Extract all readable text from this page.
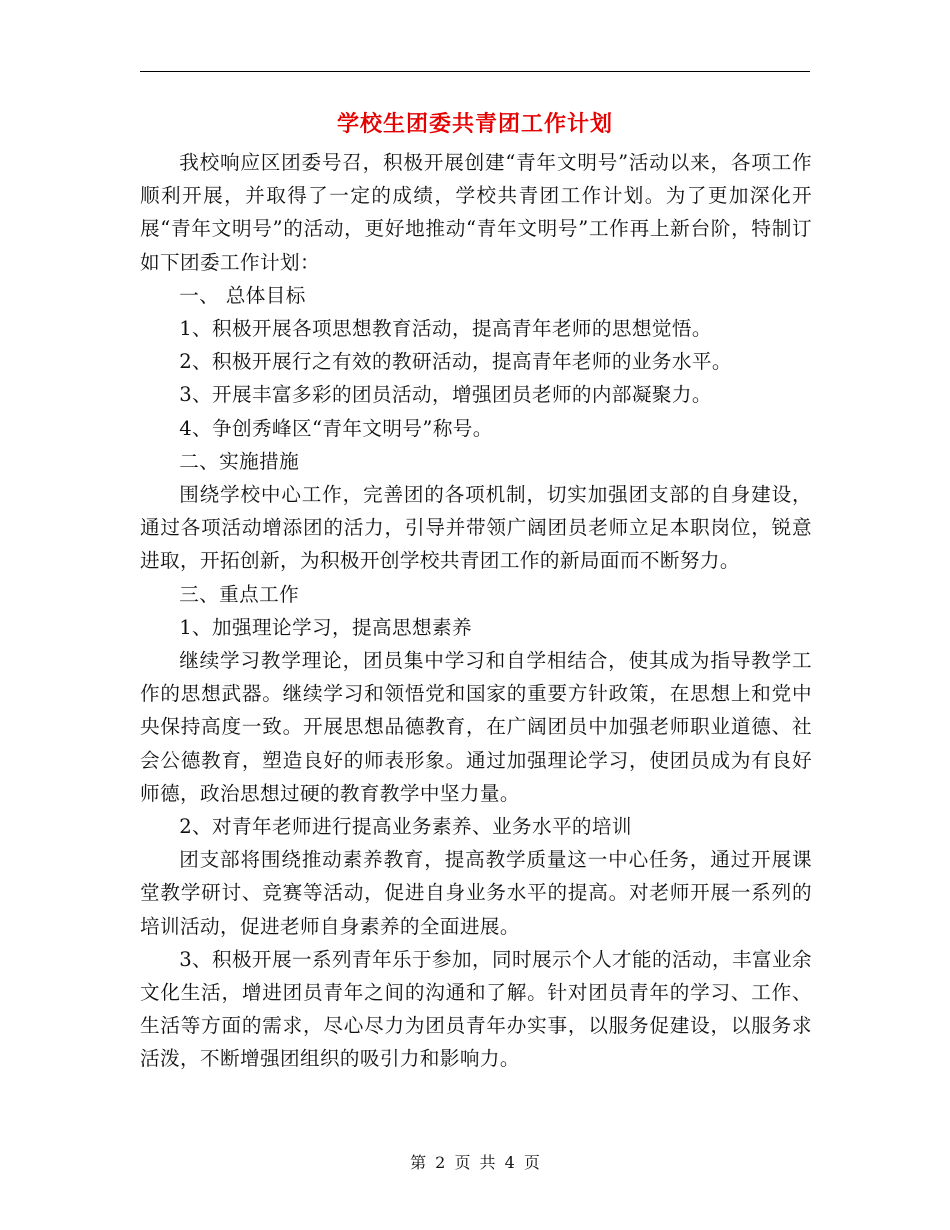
学校生团委共青团工作计划

我校响应区团委号召，积极开展创建“青年文明号”活动以来，各项工作顺利开展，并取得了一定的成绩，学校共青团工作计划。为了更加深化开展“青年文明号”的活动，更好地推动“青年文明号”工作再上新台阶，特制订如下团委工作计划：

一、 总体目标

1、积极开展各项思想教育活动，提高青年老师的思想觉悟。

2、积极开展行之有效的教研活动，提高青年老师的业务水平。

3、开展丰富多彩的团员活动，增强团员老师的内部凝聚力。

4、争创秀峰区“青年文明号”称号。

二、实施措施

围绕学校中心工作，完善团的各项机制，切实加强团支部的自身建设，通过各项活动增添团的活力，引导并带领广阔团员老师立足本职岗位，锐意进取，开拓创新，为积极开创学校共青团工作的新局面而不断努力。

三、重点工作

1、加强理论学习，提高思想素养

继续学习教学理论，团员集中学习和自学相结合，使其成为指导教学工作的思想武器。继续学习和领悟党和国家的重要方针政策，在思想上和党中央保持高度一致。开展思想品德教育，在广阔团员中加强老师职业道德、社会公德教育，塑造良好的师表形象。通过加强理论学习，使团员成为有良好师德，政治思想过硬的教育教学中坚力量。

2、对青年老师进行提高业务素养、业务水平的培训

团支部将围绕推动素养教育，提高教学质量这一中心任务，通过开展课堂教学研讨、竞赛等活动，促进自身业务水平的提高。对老师开展一系列的培训活动，促进老师自身素养的全面进展。

3、积极开展一系列青年乐于参加，同时展示个人才能的活动，丰富业余文化生活，增进团员青年之间的沟通和了解。针对团员青年的学习、工作、生活等方面的需求，尽心尽力为团员青年办实事，以服务促建设，以服务求活泼，不断增强团组织的吸引力和影响力。

第 2 页 共 4 页
